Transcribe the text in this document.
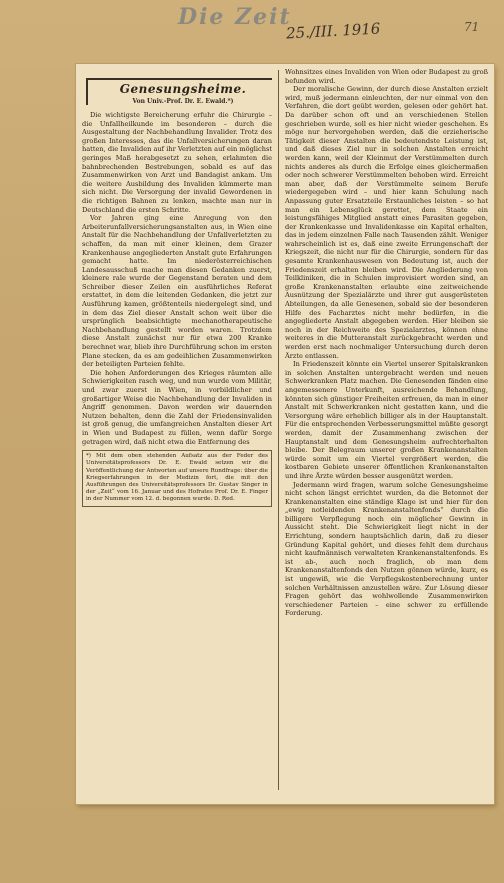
Die Zeit
25./III. 1916	71
Genesungsheime.
Von Univ.-Prof. Dr. E. Ewald.*)

Die wichtigste Bereicherung erfuhr die Chirurgie – die Unfallheilkunde im besonderen – durch die Ausgestaltung der Nachbehandlung Invalider. Trotz des großen Interesses, das die Unfallversicherungen daran hatten, die Invaliden auf ihr Verletzten auf ein möglichst geringes Maß herabgesetzt zu sehen, erlahmten die bahnbrechenden Bestrebungen, sobald es auf das Zusammenwirken von Arzt und Bandagist ankam. Um die weitere Ausbildung des Invaliden kümmerte man sich nicht. Die Versorgung der invalid Gewordenen in die richtigen Bahnen zu lenken, machte man nur in Deutschland die ersten Schritte.

Vor Jahren ging eine Anregung von den Arbeiterunfallversicherungsanstalten aus, in Wien eine Anstalt für die Nachbehandlung der Unfallverletzten zu schaffen, da man mit einer kleinen, dem Grazer Krankenhause angegliederten Anstalt gute Erfahrungen gemacht hatte. Im niederösterreichischen Landesausschuß mache man diesen Gedanken zuerst, kleinere rale wurde der Gegenstand beraten und dem Schreiber dieser Zeilen ein ausführliches Referat erstattet, in dem die leitenden Gedanken, die jetzt zur Ausführung kamen, größtenteils niedergelegt sind, und in dem das Ziel dieser Anstalt schon weit über die ursprünglich beabsichtigte mechanotherapeutische Nachbehandlung gestellt worden waren. Trotzdem diese Anstalt zunächst nur für etwa 200 Kranke berechnet war, blieb ihre Durchführung schon im ersten Plane stecken, da es am gedeihlichen Zusammenwirken der beteiligten Parteien fehlte.

Die hohen Anforderungen des Krieges räumten alle Schwierigkeiten rasch weg, und nun wurde vom Militär, und zwar zuerst in Wien, in vorbildlicher und großartiger Weise die Nachbehandlung der Invaliden in Angriff genommen. Davon werden wir dauernden Nutzen behalten, denn die Zahl der Friedensinvaliden ist groß genug, die umfangreichen Anstalten dieser Art in Wien und Budapest zu füllen, wenn dafür Sorge getragen wird, daß nicht etwa die Entfernung des

*) Mit dem oben stehenden Aufsatz aus der Feder des Universitätsprofessors Dr. E. Ewald setzen wir die Veröffentlichung der Antworten auf unsere Rundfrage: über die Kriegserfahrungen in der Medizin fort, die mit den Ausführungen des Universitätsprofessors Dr. Gustav Singer in der „Zeit“ vom 16. Januar und des Hofrates Prof. Dr. E. Finger in der Nummer vom 12. d. begonnen wurde. D. Red.

Wohnsitzes eines Invaliden von Wien oder Budapest zu groß befunden wird.

Der moralische Gewinn, der durch diese Anstalten erzielt wird, muß jedermann einleuchten, der nur einmal von den Verfahren, die dort geübt werden, gelesen oder gehört hat. Da darüber schon oft und an verschiedenen Stellen geschrieben wurde, soll es hier nicht wieder geschehen. Es möge nur hervorgehoben werden, daß die erzieherische Tätigkeit dieser Anstalten die bedeutendste Leistung ist, und daß dieses Ziel nur in solchen Anstalten erreicht werden kann, weil der Kleinmut der Verstümmelten durch nichts anderes als durch die Erfolge eines gleichermaßen oder noch schwerer Verstümmelten behoben wird. Erreicht man aber, daß der Verstümmelte seinem Berufe wiedergegeben wird – und hier kann Schulung nach Anpassung guter Ersatzteile Erstaunliches leisten – so hat man ein Lebensglück gerettet, dem Staate ein leistungsfähiges Mitglied anstatt eines Parasiten gegeben, der Krankenkasse und Invalidenkasse ein Kapital erhalten, das in jedem einzelnen Falle nach Tausenden zählt. Weniger wahrscheinlich ist es, daß eine zweite Errungenschaft der Kriegszeit, die nicht nur für die Chirurgie, sondern für das gesamte Krankenhauswesen von Bedeutung ist, auch der Friedenszeit erhalten bleiben wird. Die Angliederung von Teilkliniken, die in Schulen improvisiert worden sind, an große Krankenanstalten erlaubte eine zeitweichende Ausnützung der Spezialärzte und ihrer gut ausgerüsteten Abteilungen, da alle Genesenen, sobald sie der besonderen Hilfe des Facharztes nicht mehr bedürfen, in die angegliederte Anstalt abgegeben werden. Hier bleiben sie noch in der Reichweite des Spezialarztes, können ohne weiteres in die Mutteranstalt zurückgebracht werden und werden erst nach nochmaliger Untersuchung durch deren Ärzte entlassen.

In Friedenszeit könnte ein Viertel unserer Spitalskranken in solchen Anstalten untergebracht werden und neuen Schwerkranken Platz machen. Die Genesenden fänden eine angemessenere Unterkunft, ausreichende Behandlung, könnten sich günstiger Freiheiten erfreuen, da man in einer Anstalt mit Schwerkranken nicht gestatten kann, und die Versorgung wäre erheblich billiger als in der Hauptanstalt. Für die entsprechenden Verbesserungsmittel müßte gesorgt werden, damit der Zusammenhang zwischen der Hauptanstalt und dem Genesungsheim aufrechterhalten bleibe. Der Belegraum unserer großen Krankenanstalten würde somit um ein Viertel vergrößert werden, die kostbaren Gebiete unserer öffentlichen Krankenanstalten und ihre Ärzte würden besser ausgenützt werden.

Jedermann wird fragen, warum solche Genesungsheime nicht schon längst errichtet wurden, da die Betonnot der Krankenanstalten eine ständige Klage ist und hier für den „ewig notleidenden Krankenanstaltenfonds“ durch die billigere Verpflegung noch ein möglicher Gewinn in Aussicht steht. Die Schwierigkeit liegt nicht in der Errichtung, sondern hauptsächlich darin, daß zu dieser Gründung Kapital gehört, und dieses fehlt dem durchaus nicht kaufmännisch verwalteten Krankenanstaltenfonds. Es ist ab-, auch noch fraglich, ob man dem Krankenanstaltenfonds den Nutzen gönnen würde, kurz, es ist ungewiß, wie die Verpflegskostenberechnung unter solchen Verhältnissen anzustellen wäre. Zur Lösung dieser Fragen gehört das wohlwollende Zusammenwirken verschiedener Parteien – eine schwer zu erfüllende Forderung.
